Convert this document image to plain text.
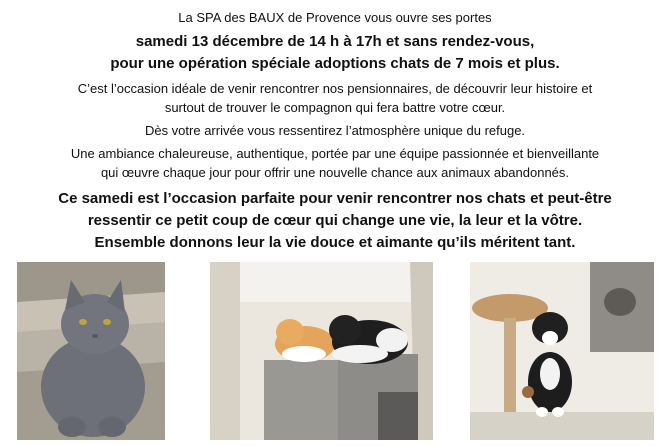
La SPA des BAUX de Provence vous ouvre ses portes

samedi 13 décembre de 14 h à 17h et sans rendez-vous,

pour une opération spéciale adoptions chats de 7 mois et plus.

C’est l’occasion idéale de venir rencontrer nos pensionnaires, de découvrir leur histoire et

surtout de trouver le compagnon qui fera battre votre cœur.

Dès votre arrivée vous ressentirez l’atmosphère unique du refuge.

Une ambiance chaleureuse, authentique, portée par une équipe passionnée et bienveillante

qui œuvre chaque jour pour offrir une nouvelle chance aux animaux abandonnés.

Ce samedi est l’occasion parfaite pour venir rencontrer nos chats et peut-être

ressentir ce petit coup de cœur qui change une vie, la leur et la vôtre.

Ensemble donnons leur la vie douce et aimante qu’ils méritent tant.
